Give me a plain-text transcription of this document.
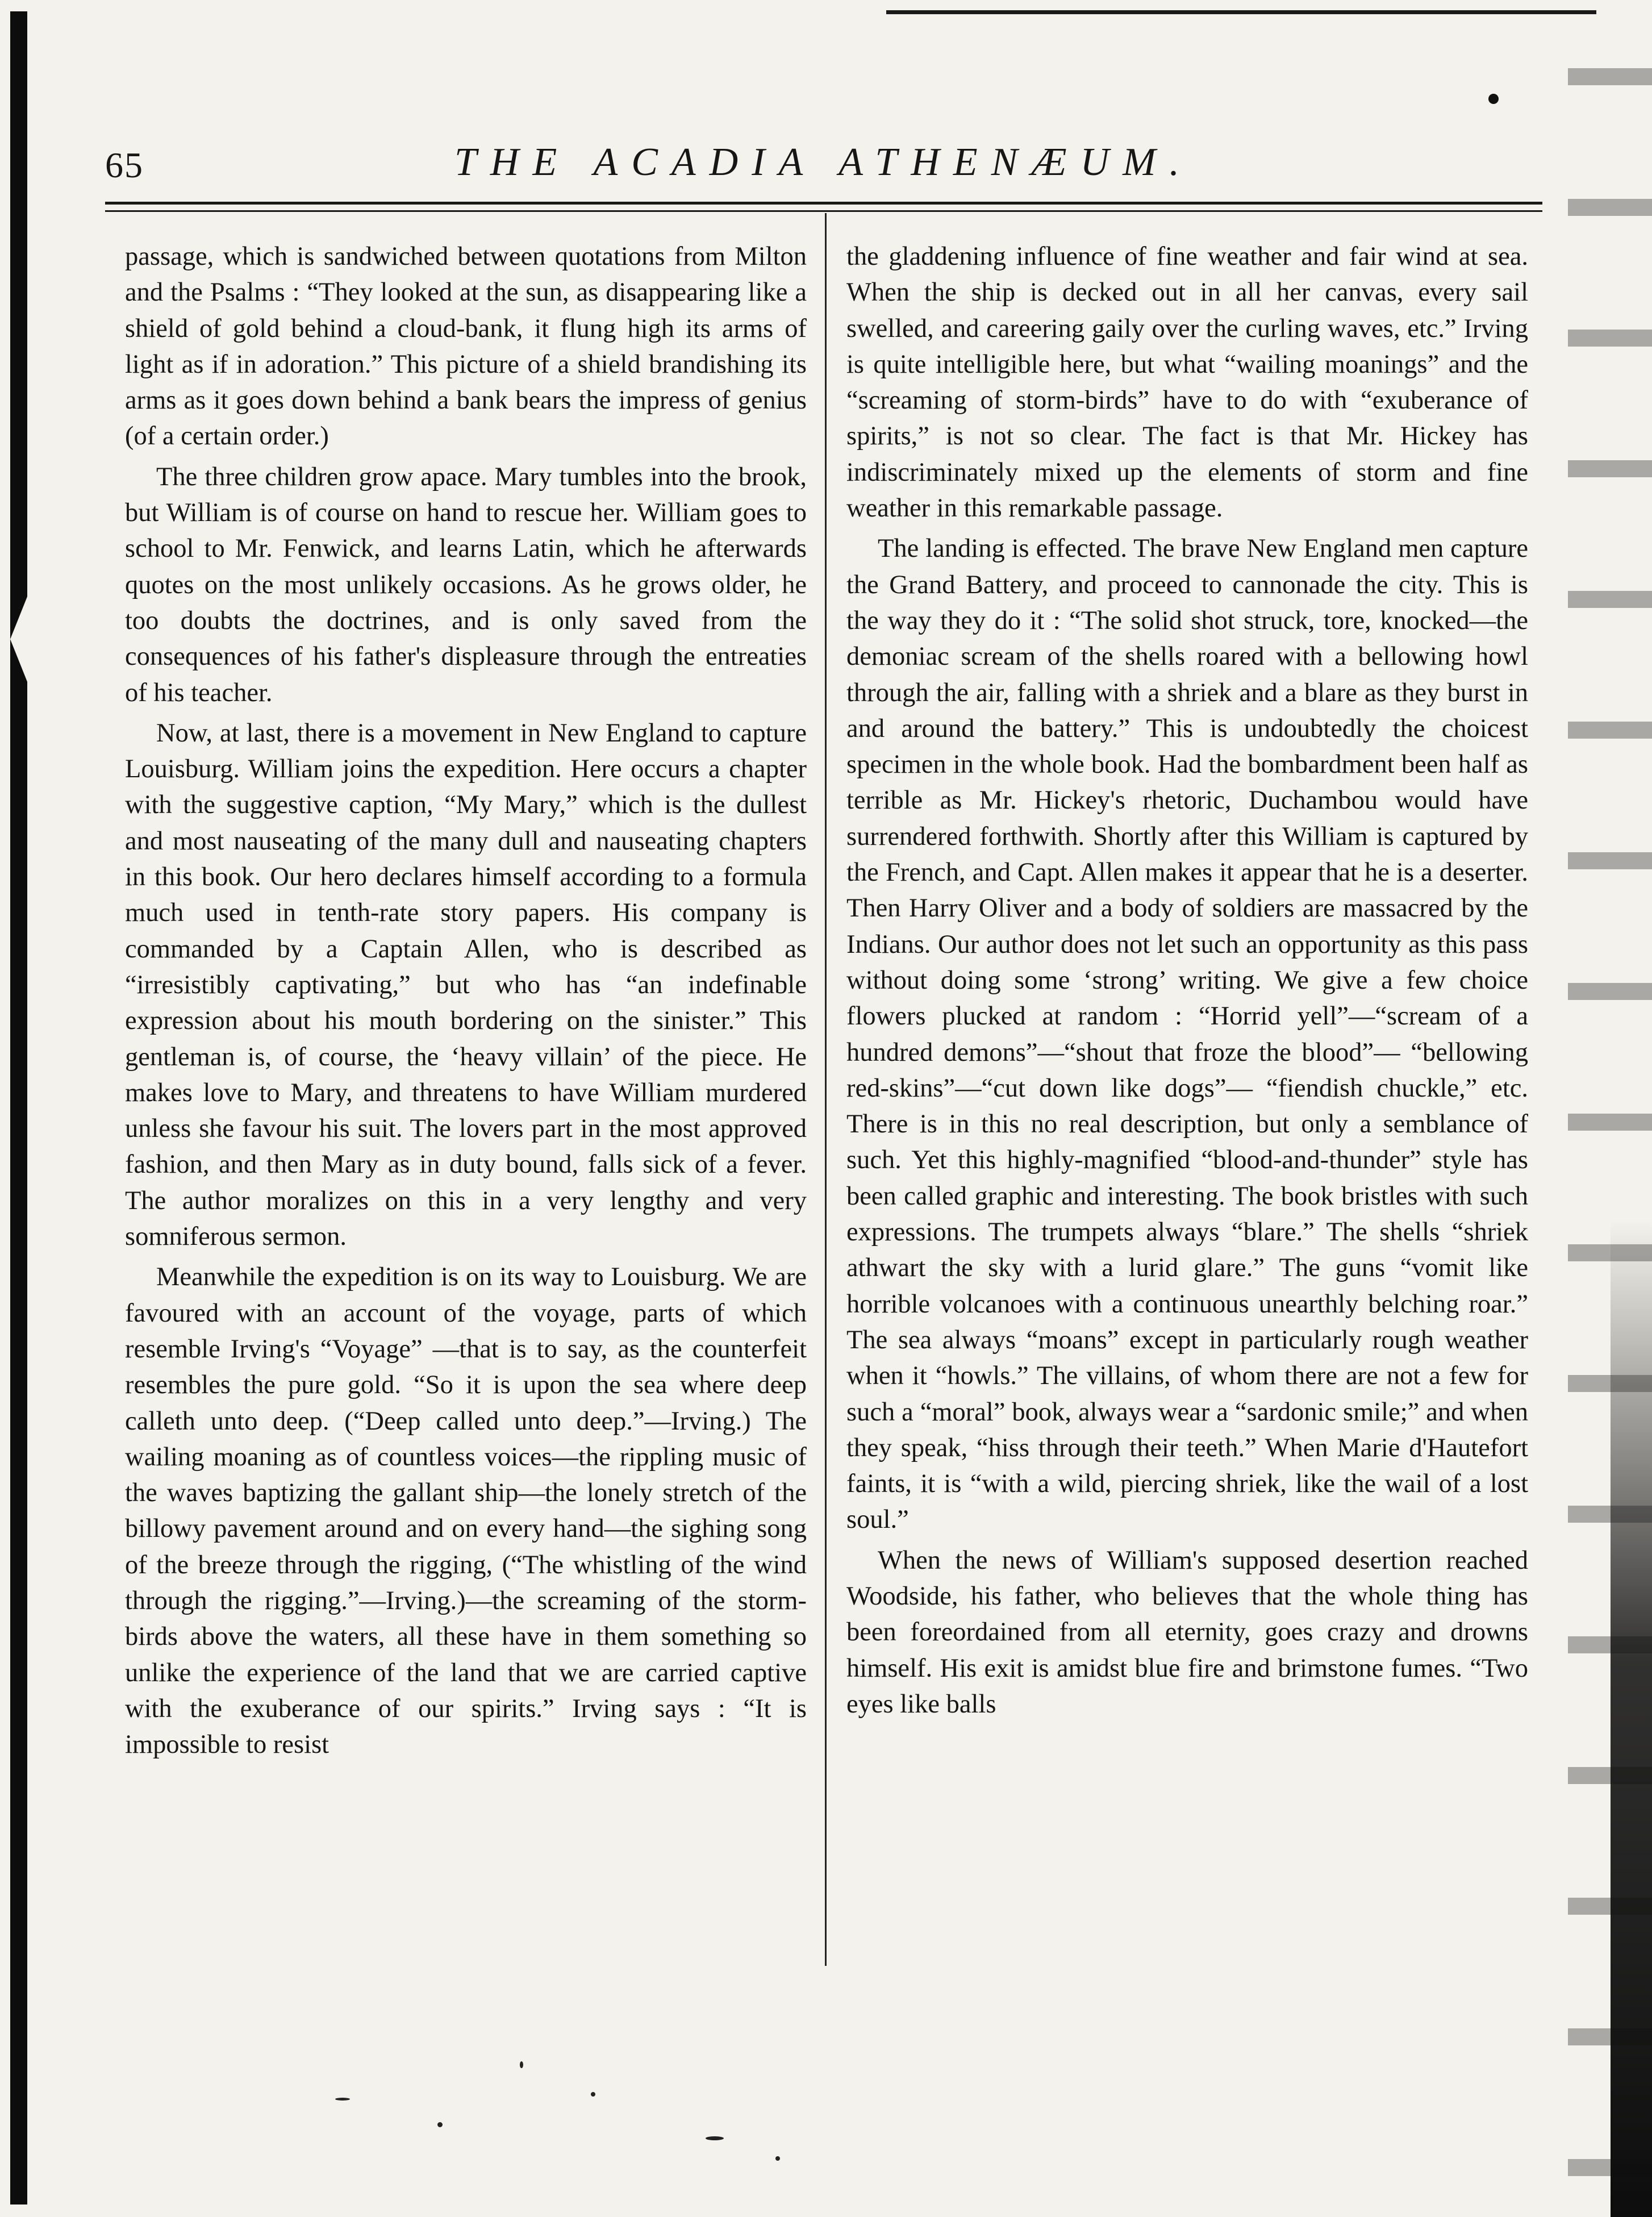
65	THE ACADIA ATHENÆUM.

passage, which is sandwiched between quotations from Milton and the Psalms : “They looked at the sun, as disappearing like a shield of gold behind a cloud-bank, it flung high its arms of light as if in adoration.” This picture of a shield brandishing its arms as it goes down behind a bank bears the impress of genius (of a certain order.)

The three children grow apace. Mary tumbles into the brook, but William is of course on hand to rescue her. William goes to school to Mr. Fenwick, and learns Latin, which he afterwards quotes on the most unlikely occasions. As he grows older, he too doubts the doctrines, and is only saved from the consequences of his father's displeasure through the entreaties of his teacher.

Now, at last, there is a movement in New England to capture Louisburg. William joins the expedition. Here occurs a chapter with the suggestive caption, “My Mary,” which is the dullest and most nauseating of the many dull and nauseating chapters in this book. Our hero declares himself according to a formula much used in tenth-rate story papers. His company is commanded by a Captain Allen, who is described as “irresistibly captivating,” but who has “an indefinable expression about his mouth bordering on the sinister.” This gentleman is, of course, the ‘heavy villain’ of the piece. He makes love to Mary, and threatens to have William murdered unless she favour his suit. The lovers part in the most approved fashion, and then Mary as in duty bound, falls sick of a fever. The author moralizes on this in a very lengthy and very somniferous sermon.

Meanwhile the expedition is on its way to Louisburg. We are favoured with an account of the voyage, parts of which resemble Irving's “Voyage” —that is to say, as the counterfeit resembles the pure gold. “So it is upon the sea where deep calleth unto deep. (“Deep called unto deep.”—Irving.) The wailing moaning as of countless voices—the rippling music of the waves baptizing the gallant ship—the lonely stretch of the billowy pavement around and on every hand—the sighing song of the breeze through the rigging, (“The whistling of the wind through the rigging.”—Irving.)—the screaming of the storm-birds above the waters, all these have in them something so unlike the experience of the land that we are carried captive with the exuberance of our spirits.” Irving says : “It is impossible to resist

the gladdening influence of fine weather and fair wind at sea. When the ship is decked out in all her canvas, every sail swelled, and careering gaily over the curling waves, etc.” Irving is quite intelligible here, but what “wailing moanings” and the “screaming of storm-birds” have to do with “exuberance of spirits,” is not so clear. The fact is that Mr. Hickey has indiscriminately mixed up the elements of storm and fine weather in this remarkable passage.

The landing is effected. The brave New England men capture the Grand Battery, and proceed to cannonade the city. This is the way they do it : “The solid shot struck, tore, knocked—the demoniac scream of the shells roared with a bellowing howl through the air, falling with a shriek and a blare as they burst in and around the battery.” This is undoubtedly the choicest specimen in the whole book. Had the bombardment been half as terrible as Mr. Hickey's rhetoric, Duchambou would have surrendered forthwith. Shortly after this William is captured by the French, and Capt. Allen makes it appear that he is a deserter. Then Harry Oliver and a body of soldiers are massacred by the Indians. Our author does not let such an opportunity as this pass without doing some ‘strong’ writing. We give a few choice flowers plucked at random : “Horrid yell”—“scream of a hundred demons”—“shout that froze the blood”— “bellowing red-skins”—“cut down like dogs”— “fiendish chuckle,” etc. There is in this no real description, but only a semblance of such. Yet this highly-magnified “blood-and-thunder” style has been called graphic and interesting. The book bristles with such expressions. The trumpets always “blare.” The shells “shriek athwart the sky with a lurid glare.” The guns “vomit like horrible volcanoes with a continuous unearthly belching roar.” The sea always “moans” except in particularly rough weather when it “howls.” The villains, of whom there are not a few for such a “moral” book, always wear a “sardonic smile;” and when they speak, “hiss through their teeth.” When Marie d'Hautefort faints, it is “with a wild, piercing shriek, like the wail of a lost soul.”

When the news of William's supposed desertion reached Woodside, his father, who believes that the whole thing has been foreordained from all eternity, goes crazy and drowns himself. His exit is amidst blue fire and brimstone fumes. “Two eyes like balls
